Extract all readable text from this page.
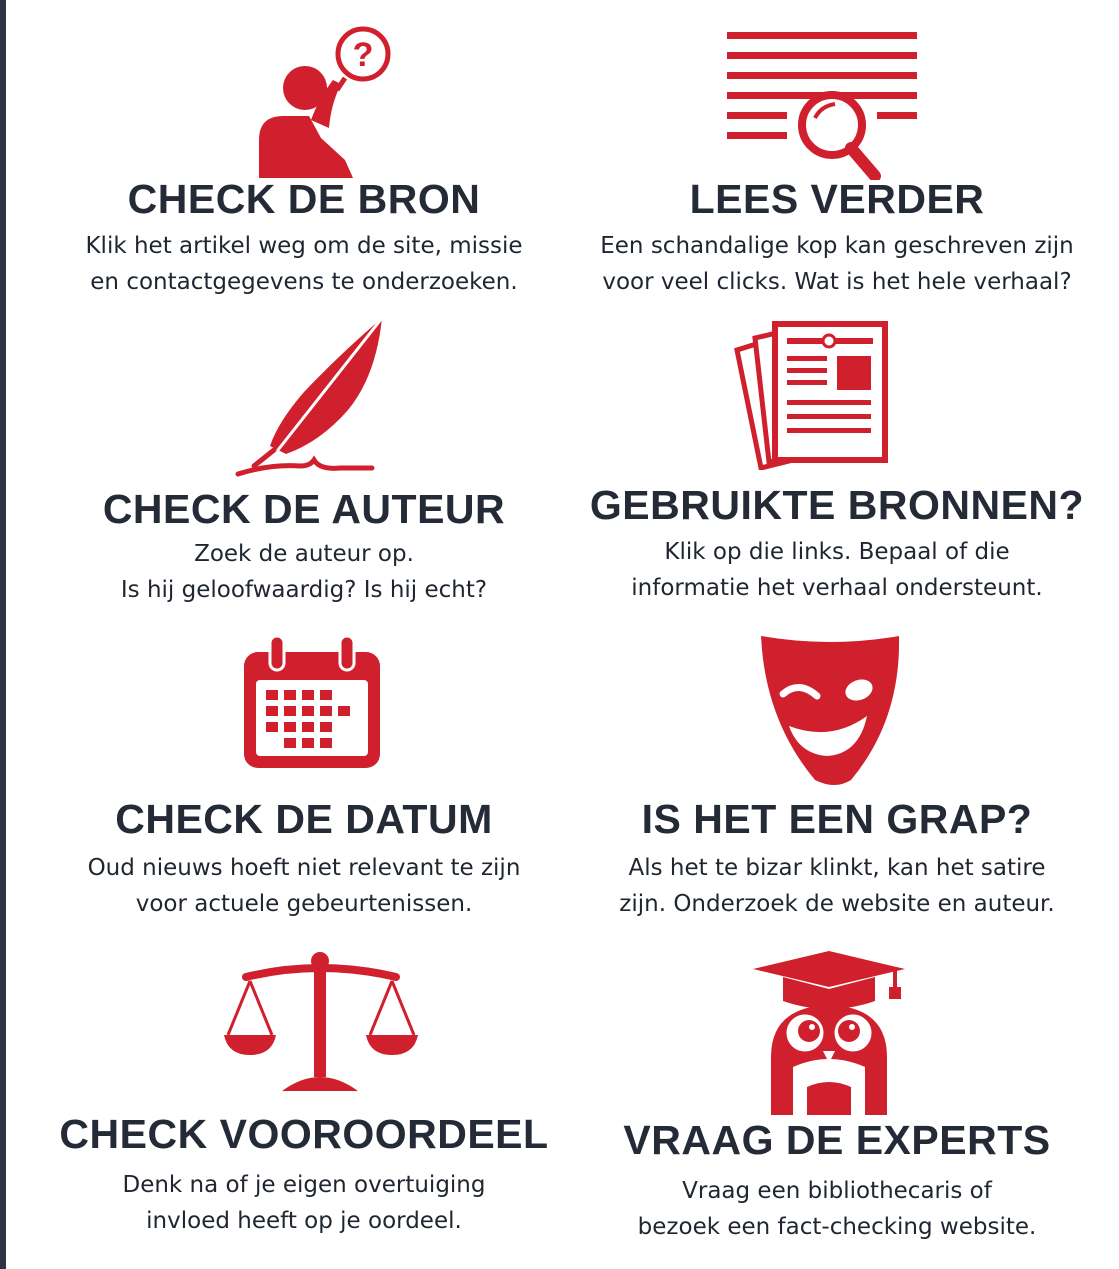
?
CHECK DE BRON

Klik het artikel weg om de site, missie
en contactgegevens te onderzoeken.

LEES VERDER

Een schandalige kop kan geschreven zijn
voor veel clicks. Wat is het hele verhaal?

CHECK DE AUTEUR

Zoek de auteur op.
Is hij geloofwaardig? Is hij echt?

GEBRUIKTE BRONNEN?

Klik op die links. Bepaal of die
informatie het verhaal ondersteunt.

CHECK DE DATUM

Oud nieuws hoeft niet relevant te zijn
voor actuele gebeurtenissen.

IS HET EEN GRAP?

Als het te bizar klinkt, kan het satire
zijn. Onderzoek de website en auteur.

CHECK VOOROORDEEL

Denk na of je eigen overtuiging
invloed heeft op je oordeel.

VRAAG DE EXPERTS

Vraag een bibliothecaris of
bezoek een fact-checking website.
